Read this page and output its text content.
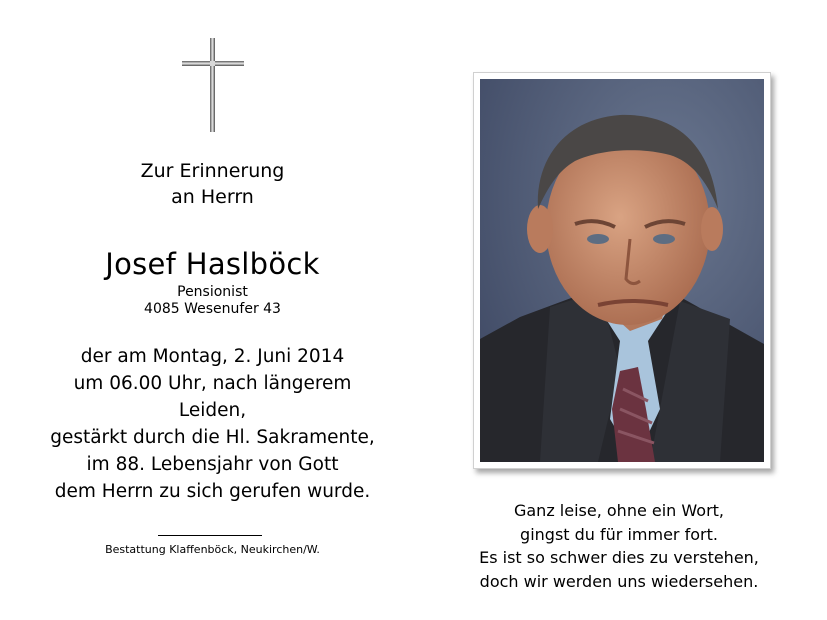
Zur Erinnerung
an Herrn
Josef Haslböck
Pensionist
4085 Wesenufer 43
der am Montag, 2. Juni 2014
um 06.00 Uhr, nach längerem Leiden,
gestärkt durch die Hl. Sakramente,
im 88. Lebensjahr von Gott
dem Herrn zu sich gerufen wurde.
Bestattung Klaffenböck, Neukirchen/W.
Ganz leise, ohne ein Wort,
gingst du für immer fort.
Es ist so schwer dies zu verstehen,
doch wir werden uns wiedersehen.
